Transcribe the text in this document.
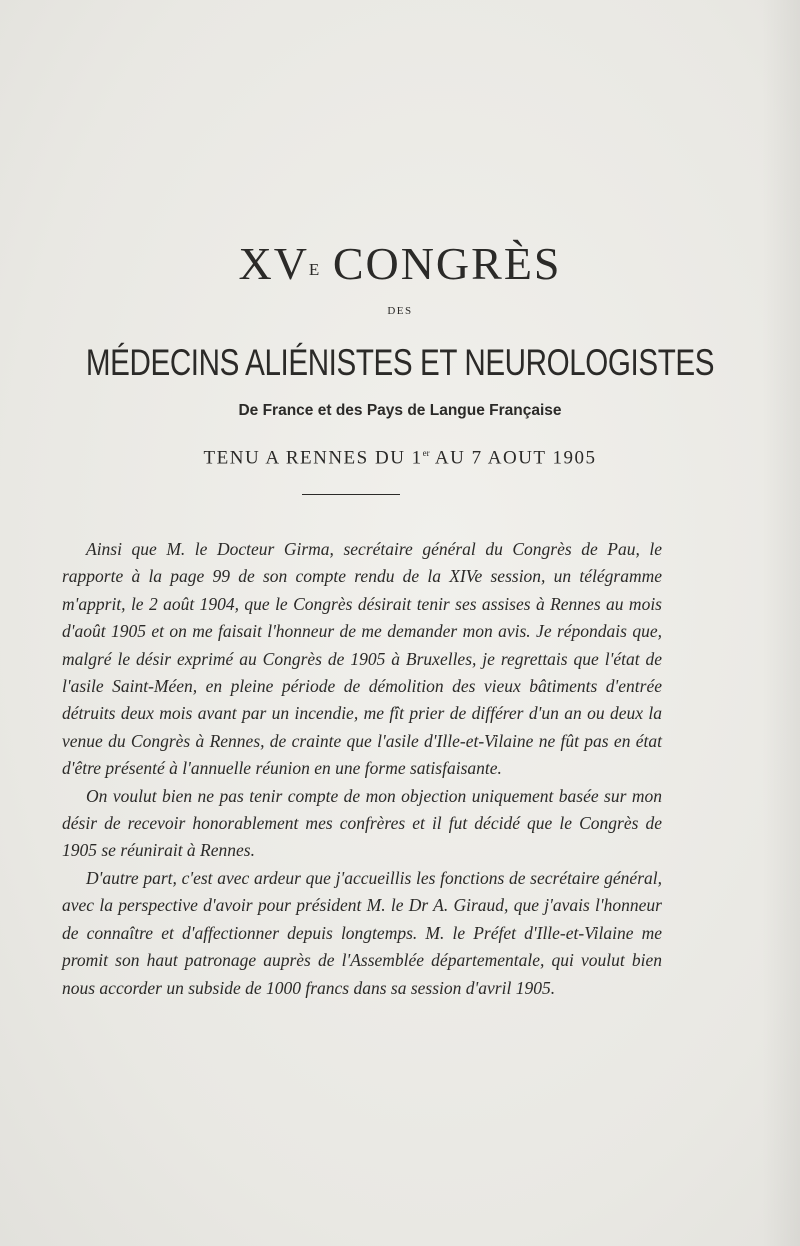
$XV^E$ CONGRÈS
DES
MÉDECINS ALIÉNISTES ET NEUROLOGISTES
De France et des Pays de Langue Française
TENU A RENNES DU 1er AU 7 AOUT 1905

Ainsi que M. le Docteur Girma, secrétaire général du Congrès de Pau, le rapporte à la page 99 de son compte rendu de la XIVe session, un télégramme m'apprit, le 2 août 1904, que le Congrès désirait tenir ses assises à Rennes au mois d'août 1905 et on me faisait l'honneur de me demander mon avis. Je répondais que, malgré le désir exprimé au Congrès de 1905 à Bruxelles, je regrettais que l'état de l'asile Saint-Méen, en pleine période de démolition des vieux bâtiments d'entrée détruits deux mois avant par un incendie, me fît prier de différer d'un an ou deux la venue du Congrès à Rennes, de crainte que l'asile d'Ille-et-Vilaine ne fût pas en état d'être présenté à l'annuelle réunion en une forme satisfaisante.

On voulut bien ne pas tenir compte de mon objection uniquement basée sur mon désir de recevoir honorablement mes confrères et il fut décidé que le Congrès de 1905 se réunirait à Rennes.

D'autre part, c'est avec ardeur que j'accueillis les fonctions de secrétaire général, avec la perspective d'avoir pour président M. le Dr A. Giraud, que j'avais l'honneur de connaître et d'affectionner depuis longtemps. M. le Préfet d'Ille-et-Vilaine me promit son haut patronage auprès de l'Assemblée départementale, qui voulut bien nous accorder un subside de 1000 francs dans sa session d'avril 1905.
